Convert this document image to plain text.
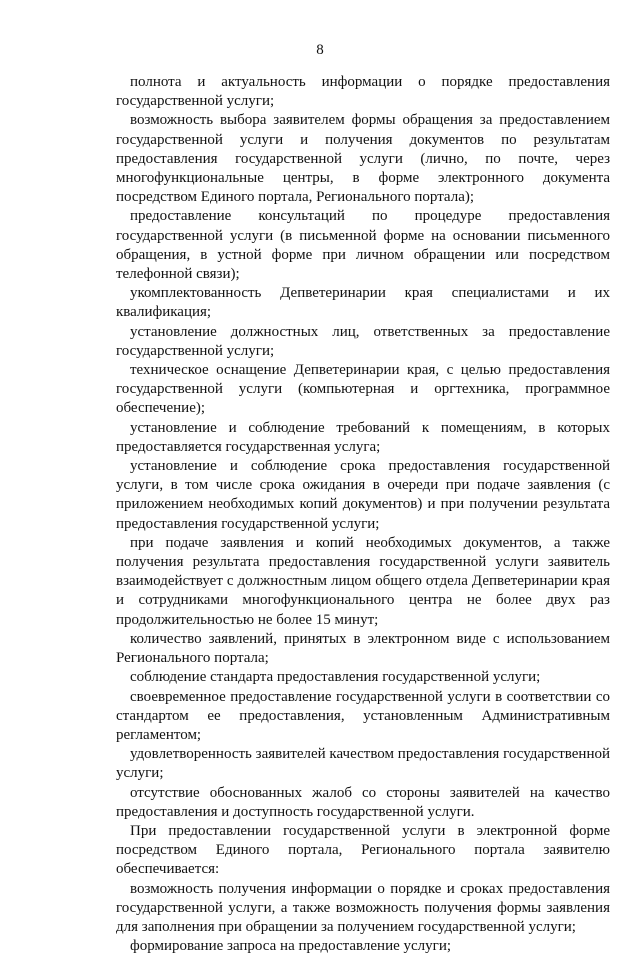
8

полнота и актуальность информации о порядке предоставления государственной услуги;

возможность выбора заявителем формы обращения за предоставлением государственной услуги и получения документов по результатам предоставления государственной услуги (лично, по почте, через многофункциональные центры, в форме электронного документа посредством Единого портала, Регионального портала);

предоставление консультаций по процедуре предоставления государственной услуги (в письменной форме на основании письменного обращения, в устной форме при личном обращении или посредством телефонной связи);

укомплектованность Депветеринарии края специалистами и их квалификация;

установление должностных лиц, ответственных за предоставление государственной услуги;

техническое оснащение Депветеринарии края, с целью предоставления государственной услуги (компьютерная и оргтехника, программное обеспечение);

установление и соблюдение требований к помещениям, в которых предоставляется государственная услуга;

установление и соблюдение срока предоставления государственной услуги, в том числе срока ожидания в очереди при подаче заявления (с приложением необходимых копий документов) и при получении результата предоставления государственной услуги;

при подаче заявления и копий необходимых документов, а также получения результата предоставления государственной услуги заявитель взаимодействует с должностным лицом общего отдела Депветеринарии края и сотрудниками многофункционального центра не более двух раз продолжительностью не более 15 минут;

количество заявлений, принятых в электронном виде с использованием Регионального портала;

соблюдение стандарта предоставления государственной услуги;

своевременное предоставление государственной услуги в соответствии со стандартом ее предоставления, установленным Административным регламентом;

удовлетворенность заявителей качеством предоставления государственной услуги;

отсутствие обоснованных жалоб со стороны заявителей на качество предоставления и доступность государственной услуги.

При предоставлении государственной услуги в электронной форме посредством Единого портала, Регионального портала заявителю обеспечивается:

возможность получения информации о порядке и сроках предоставления государственной услуги, а также возможность получения формы заявления для заполнения при обращении за получением государственной услуги;

формирование запроса на предоставление услуги;
